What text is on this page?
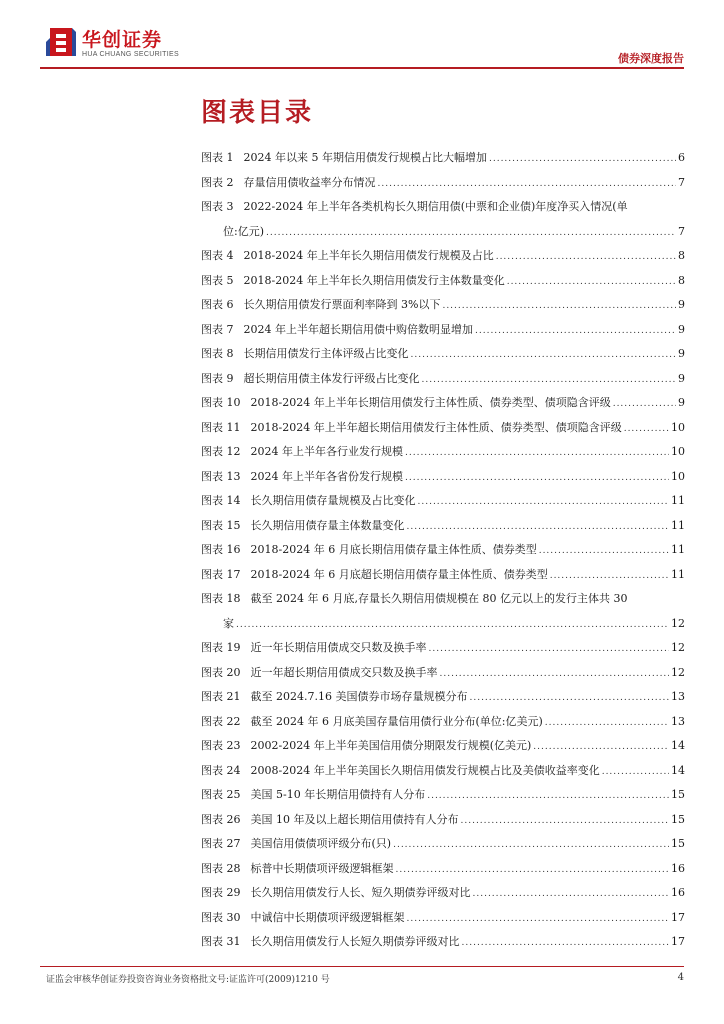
华创证券
HUA CHUANG SECURITIES	债券深度报告
图表目录
图表 1 2024 年以来 5 年期信用债发行规模占比大幅增加 .....	6
图表 2 存量信用债收益率分布情况 .....	7
图表 3 2022-2024 年上半年各类机构长久期信用债(中票和企业债)年度净买入情况(单
位:亿元) .....	7
图表 4 2018-2024 年上半年长久期信用债发行规模及占比 .....	8
图表 5 2018-2024 年上半年长久期信用债发行主体数量变化 .....	8
图表 6 长久期信用债发行票面利率降到 3%以下 .....	9
图表 7 2024 年上半年超长期信用债中购倍数明显增加 .....	9
图表 8 长期信用债发行主体评级占比变化 .....	9
图表 9 超长期信用债主体发行评级占比变化 .....	9
图表 10 2018-2024 年上半年长期信用债发行主体性质、债券类型、债项隐含评级 .....	9
图表 11 2018-2024 年上半年超长期信用债发行主体性质、债券类型、债项隐含评级 .....	10
图表 12 2024 年上半年各行业发行规模 .....	10
图表 13 2024 年上半年各省份发行规模 .....	10
图表 14 长久期信用债存量规模及占比变化 .....	11
图表 15 长久期信用债存量主体数量变化 .....	11
图表 16 2018-2024 年 6 月底长期信用债存量主体性质、债券类型 .....	11
图表 17 2018-2024 年 6 月底超长期信用债存量主体性质、债券类型 .....	11
图表 18 截至 2024 年 6 月底,存量长久期信用债规模在 80 亿元以上的发行主体共 30
家 .....	12
图表 19 近一年长期信用债成交只数及换手率 .....	12
图表 20 近一年超长期信用债成交只数及换手率 .....	12
图表 21 截至 2024.7.16 美国债券市场存量规模分布 .....	13
图表 22 截至 2024 年 6 月底美国存量信用债行业分布(单位:亿美元) .....	13
图表 23 2002-2024 年上半年美国信用债分期限发行规模(亿美元) .....	14
图表 24 2008-2024 年上半年美国长久期信用债发行规模占比及美债收益率变化 .....	14
图表 25 美国 5-10 年长期信用债持有人分布 .....	15
图表 26 美国 10 年及以上超长期信用债持有人分布 .....	15
图表 27 美国信用债债项评级分布(只) .....	15
图表 28 标普中长期债项评级逻辑框架 .....	16
图表 29 长久期信用债发行人长、短久期债券评级对比 .....	16
图表 30 中诚信中长期债项评级逻辑框架 .....	17
图表 31 长久期信用债发行人长短久期债券评级对比 .....	17
证监会审核华创证券投资咨询业务资格批文号:证监许可(2009)1210 号	4
